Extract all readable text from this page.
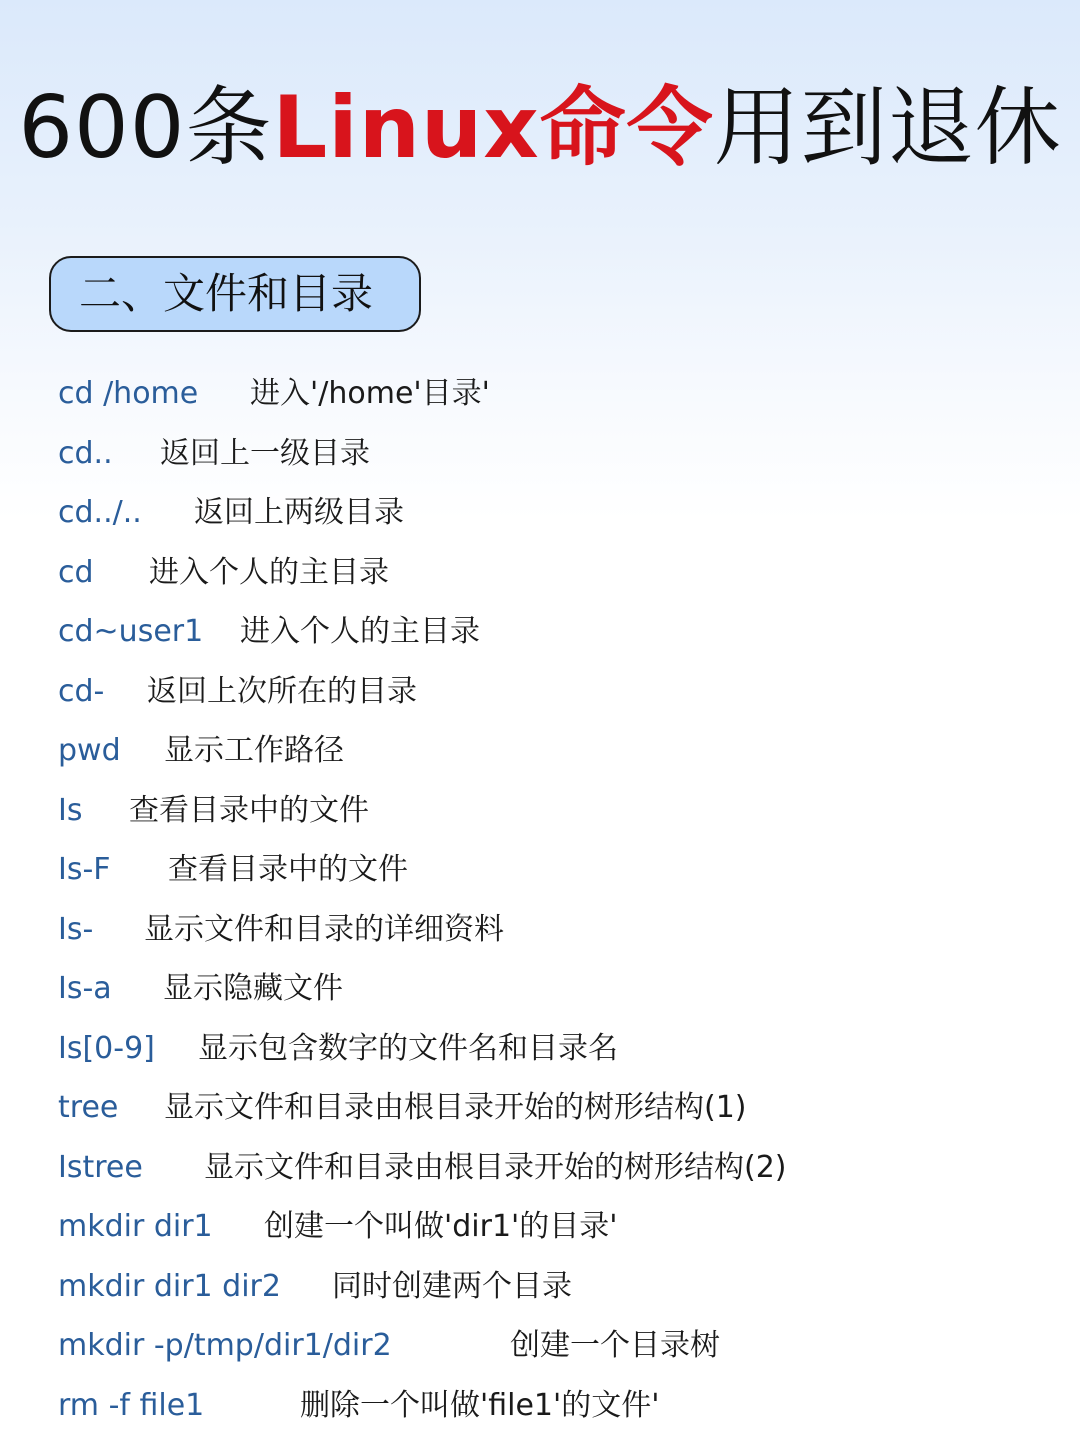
600条Linux命令用到退休
二、文件和目录
cd /home 进入'/home'目录'
cd.. 返回上一级目录
cd../.. 返回上两级目录
cd 进入个人的主目录
cd~user1 进入个人的主目录
cd- 返回上次所在的目录
pwd 显示工作路径
Is 查看目录中的文件
Is-F 查看目录中的文件
Is- 显示文件和目录的详细资料
Is-a 显示隐藏文件
Is[0-9] 显示包含数字的文件名和目录名
tree 显示文件和目录由根目录开始的树形结构(1)
Istree 显示文件和目录由根目录开始的树形结构(2)
mkdir dir1 创建一个叫做'dir1'的目录'
mkdir dir1 dir2 同时创建两个目录
mkdir -p/tmp/dir1/dir2	创建一个目录树
rm -f file1	删除一个叫做'file1'的文件'
